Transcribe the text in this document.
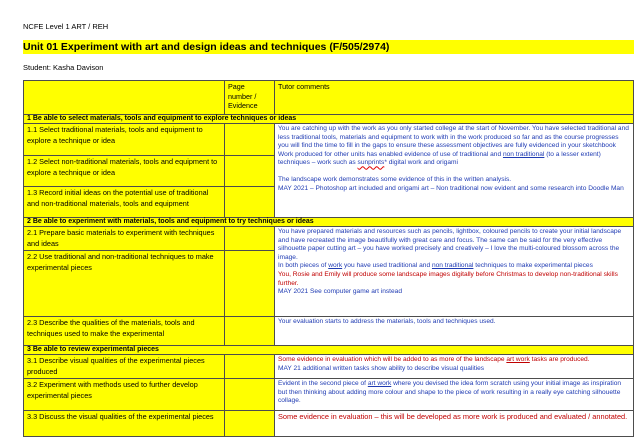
NCFE Level 1 ART / REH
Unit 01 Experiment with art and design ideas and techniques (F/505/2974)
Student: Kasha Davison
	Page number / Evidence	Tutor comments
1 Be able to select materials, tools and equipment to explore techniques or ideas		
1.1 Select traditional materials, tools and equipment to explore a technique or idea		You are catching up with the work as you only started college at the start of November. You have selected traditional and less traditional tools, materials and equipment to work with in the work produced so far and as the course progresses you will find the time to fill in the gaps to ensure these assessment objectives are fully evidenced in your sketchbook
Work produced for other units has enabled evidence of use of traditional and non traditional (to a lesser extent) techniques – work such as sunprints* digital work and origami
The landscape work demonstrates some evidence of this in the written analysis.
MAY 2021 – Photoshop art included and origami art – Non traditional now evident and some research into Doodle Man

1.2 Select non-traditional materials, tools and equipment to explore a technique or idea		
1.3 Record initial ideas on the potential use of traditional and non-traditional materials, tools and equipment		
2 Be able to experiment with materials, tools and equipment to try techniques or ideas		
2.1 Prepare basic materials to experiment with techniques and ideas		You have prepared materials and resources such as pencils, lightbox, coloured pencils to create your initial landscape and have recreated the image beautifully with great care and focus. The same can be said for the very effective silhouette paper cutting art – you have worked precisely and creatively – I love the multi-coloured blossom across the image.
In both pieces of work you have used traditional and non traditional techniques to make experimental pieces
You, Rosie and Emily will produce some landscape images digitally before Christmas to develop non-traditional skills further.
MAY 2021 See computer game art instead

2.2 Use traditional and non-traditional techniques to make experimental pieces		
2.3 Describe the qualities of the materials, tools and techniques used to make the experimental		Your evaluation starts to address the materials, tools and techniques used.
3 Be able to review experimental pieces		
3.1 Describe visual qualities of the experimental pieces produced		Some evidence in evaluation which will be added to as more of the landscape art work tasks are produced.
MAY 21 additional written tasks show ability to describe visual qualities

3.2 Experiment with methods used to further develop experimental pieces		Evident in the second piece of art work where you devised the idea form scratch using your initial image as inspiration but then thinking about adding more colour and shape to the piece of work resulting in a really eye catching silhouette collage.
3.3 Discuss the visual qualities of the experimental pieces		Some evidence in evaluation – this will be developed as more work is produced and evaluated / annotated.
